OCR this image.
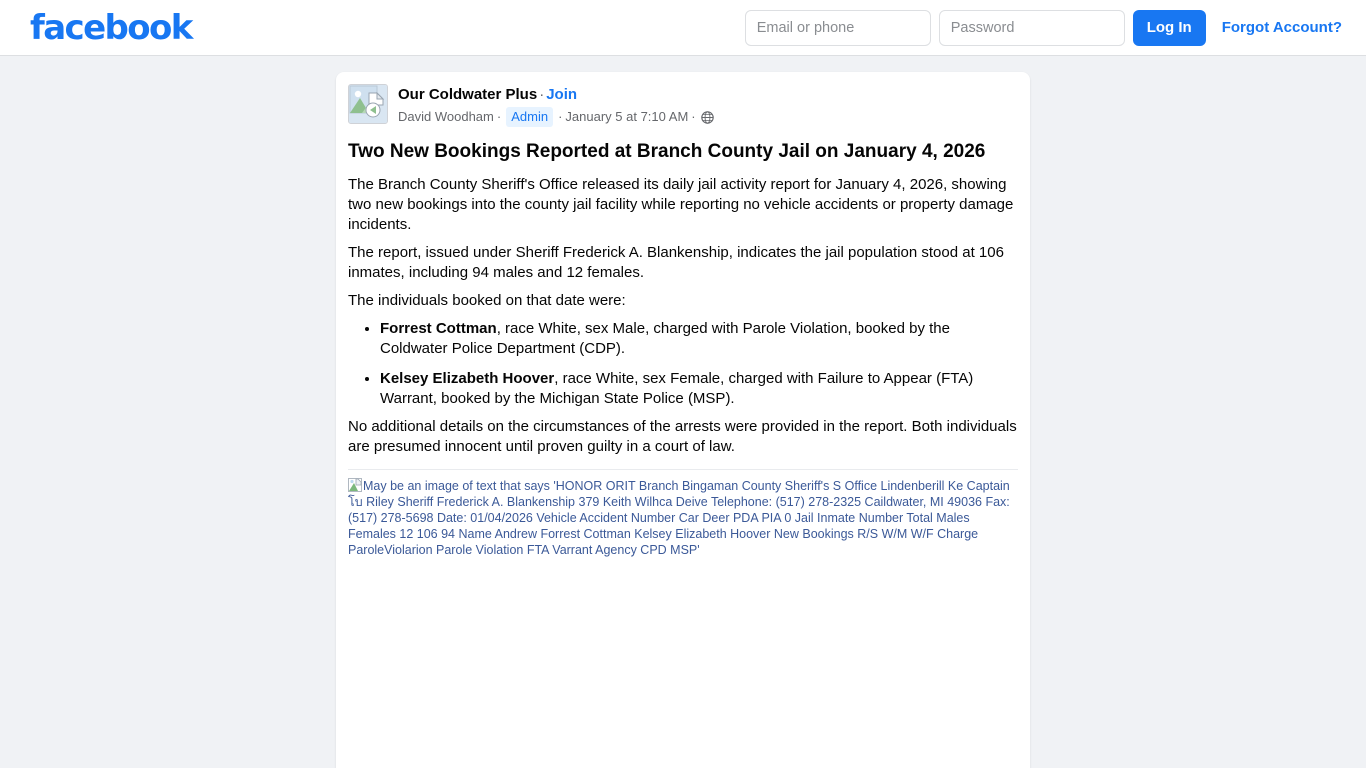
facebook
Email or phone	Log In	Forgot Account?
Our Coldwater Plus · Join
David Woodham · Admin · January 5 at 7:10 AM ·
Two New Bookings Reported at Branch County Jail on January 4, 2026

The Branch County Sheriff's Office released its daily jail activity report for January 4, 2026, showing two new bookings into the county jail facility while reporting no vehicle accidents or property damage incidents.

The report, issued under Sheriff Frederick A. Blankenship, indicates the jail population stood at 106 inmates, including 94 males and 12 females.

The individuals booked on that date were:

• Forrest Cottman, race White, sex Male, charged with Parole Violation, booked by the Coldwater Police Department (CDP).
• Kelsey Elizabeth Hoover, race White, sex Female, charged with Failure to Appear (FTA) Warrant, booked by the Michigan State Police (MSP).

No additional details on the circumstances of the arrests were provided in the report. Both individuals are presumed innocent until proven guilty in a court of law.

May be an image of text that says 'HONOR ORIT Branch Bingaman County Sheriff's S Office Lindenberill Ke Captain โบ Riley Sheriff Frederick A. Blankenship 379 Keith Wilhca Deive Telephone: (517) 278-2325 Caildwater, MI 49036 Fax: (517) 278-5698 Date: 01/04/2026 Vehicle Accident Number Car Deer PDA PIA 0 Jail Inmate Number Total Males Females 12 106 94 Name Andrew Forrest Cottman Kelsey Elizabeth Hoover New Bookings R/S W/M W/F Charge ParoleViolarion Parole Violation FTA Varrant Agency CPD MSP'
